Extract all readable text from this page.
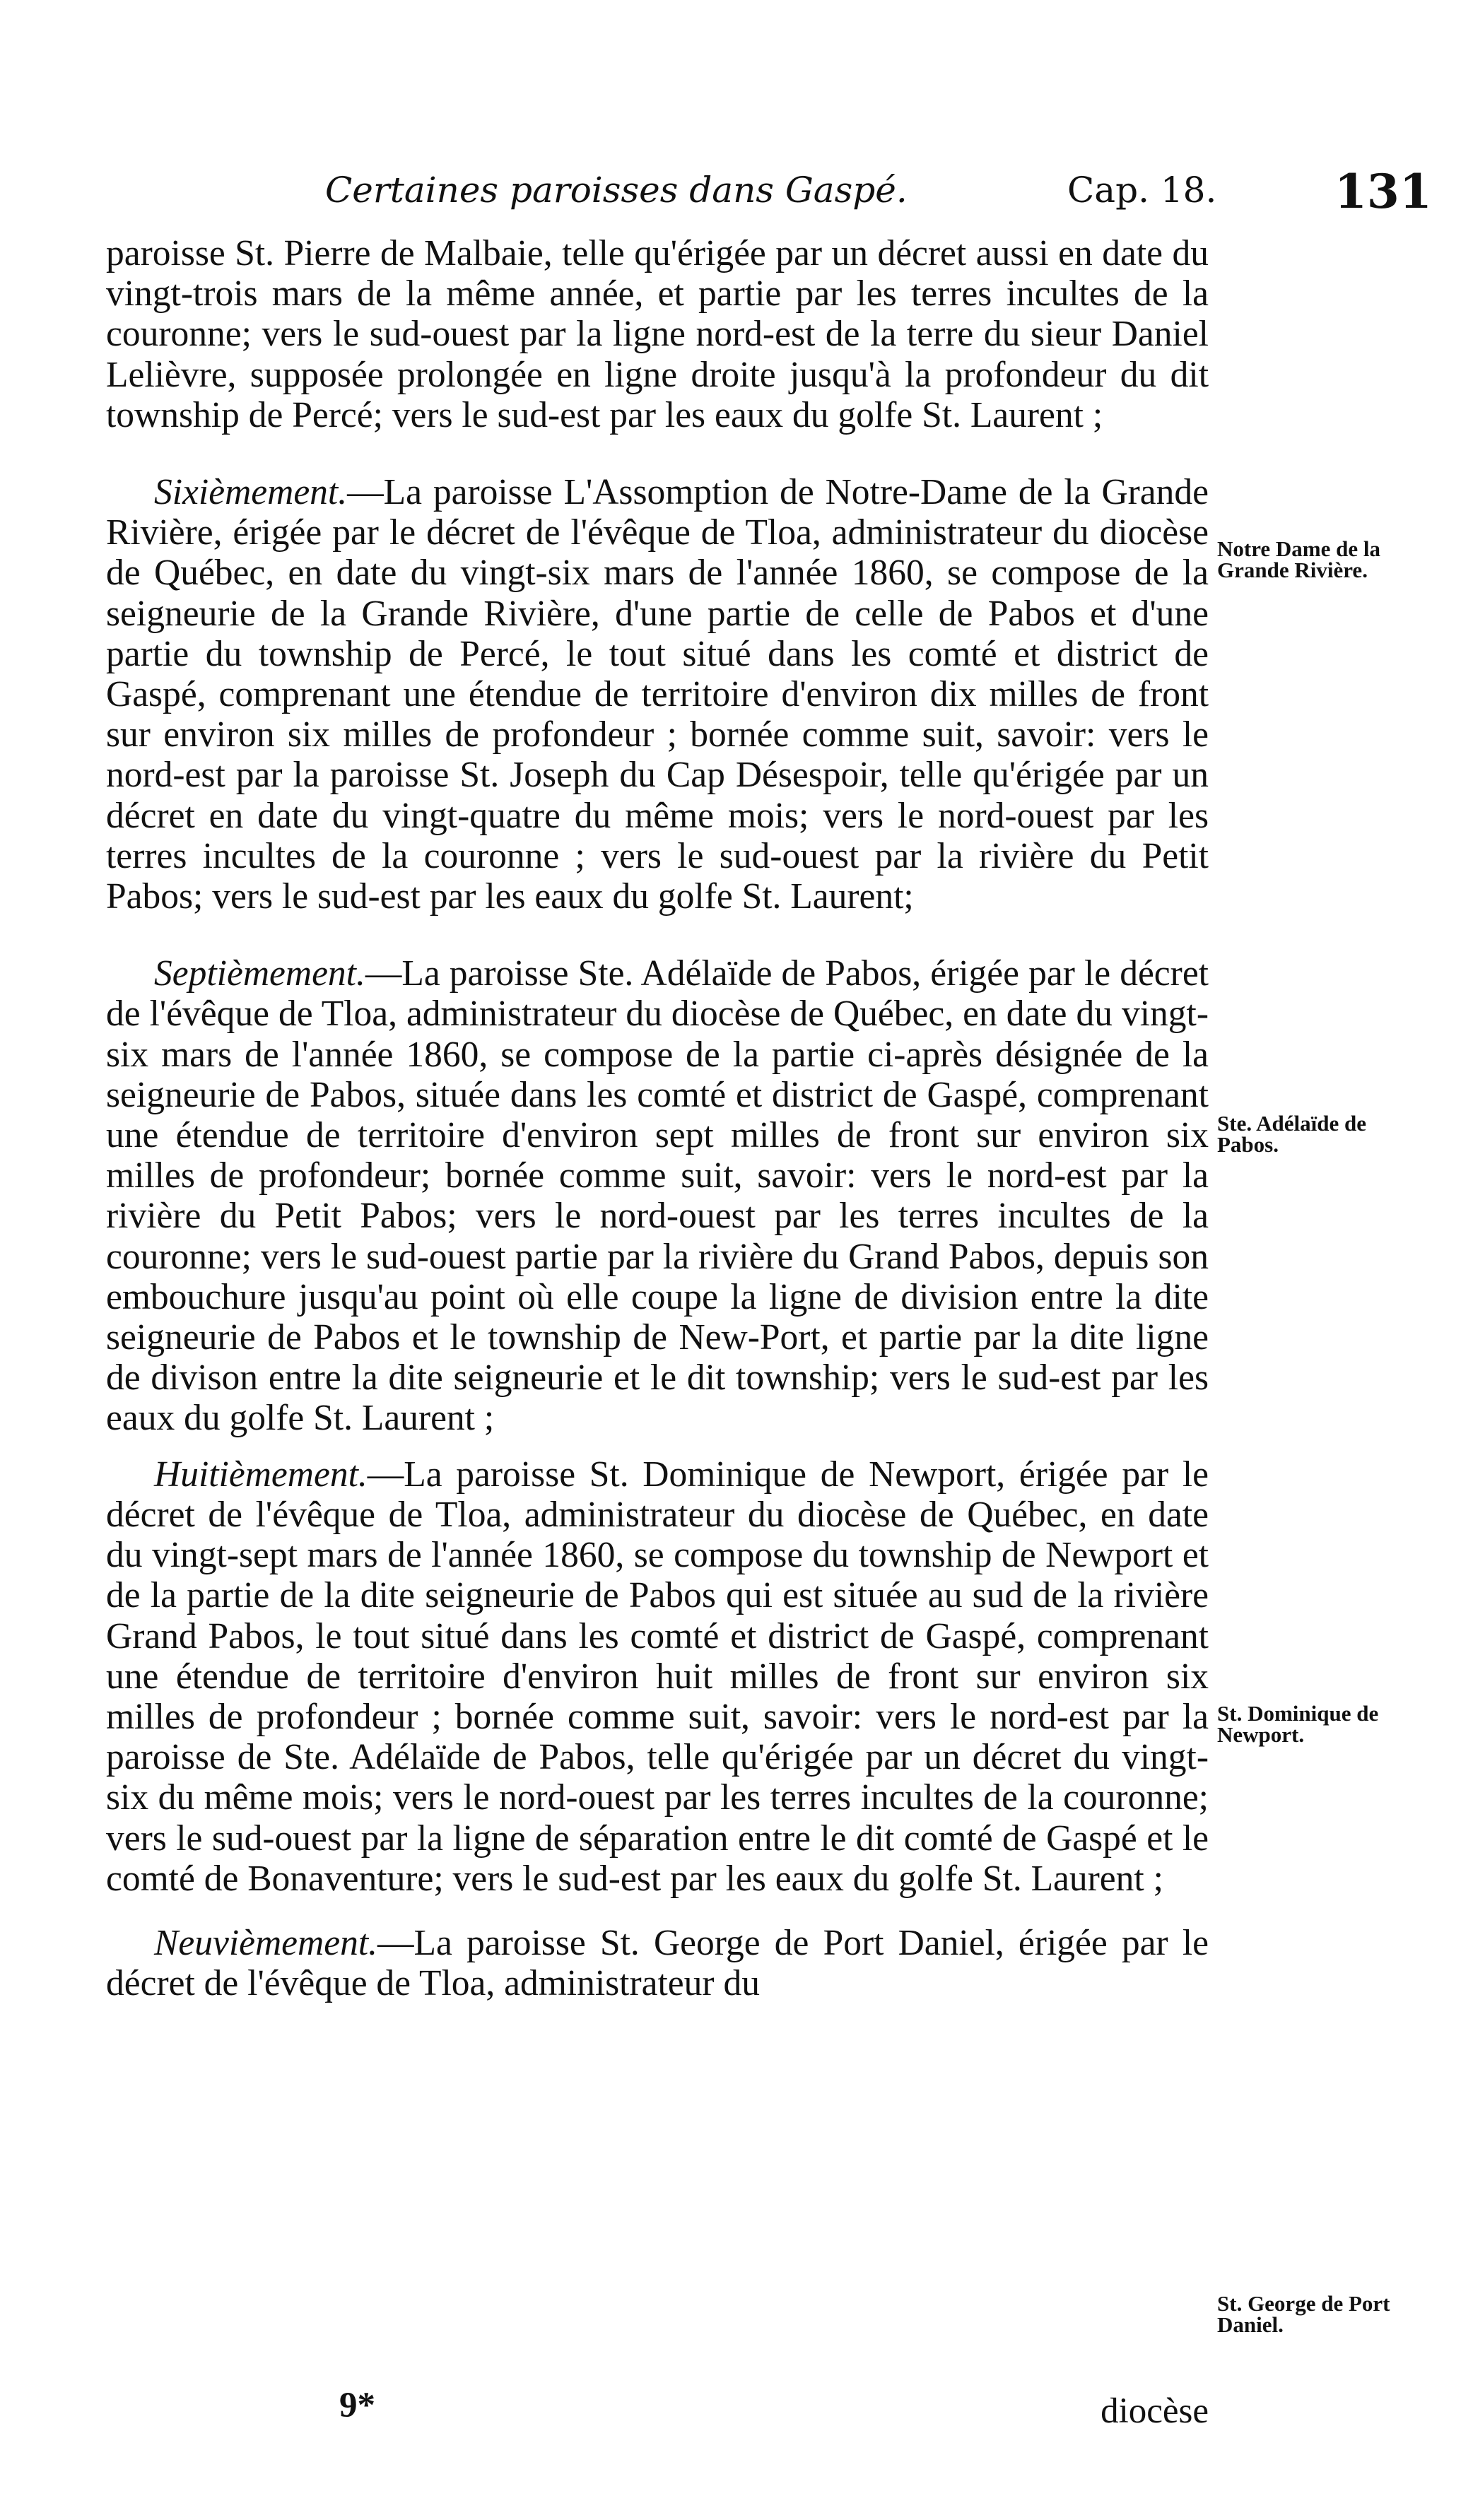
Certaines paroisses dans Gaspé.	Cap. 18.	131

paroisse St. Pierre de Malbaie, telle qu'érigée par un décret aussi en date du vingt-trois mars de la même année, et partie par les terres incultes de la couronne; vers le sud-ouest par la ligne nord-est de la terre du sieur Daniel Lelièvre, supposée prolongée en ligne droite jusqu'à la profondeur du dit township de Percé; vers le sud-est par les eaux du golfe St. Laurent ;

Sixièmement.—La paroisse L'Assomption de Notre-Dame de la Grande Rivière, érigée par le décret de l'évêque de Tloa, administrateur du diocèse de Québec, en date du vingt-six mars de l'année 1860, se compose de la seigneurie de la Grande Rivière, d'une partie de celle de Pabos et d'une partie du township de Percé, le tout situé dans les comté et district de Gaspé, comprenant une étendue de territoire d'environ dix milles de front sur environ six milles de profondeur ; bornée comme suit, savoir: vers le nord-est par la paroisse St. Joseph du Cap Désespoir, telle qu'érigée par un décret en date du vingt-quatre du même mois; vers le nord-ouest par les terres incultes de la couronne ; vers le sud-ouest par la rivière du Petit Pabos; vers le sud-est par les eaux du golfe St. Laurent;

Septièmement.—La paroisse Ste. Adélaïde de Pabos, érigée par le décret de l'évêque de Tloa, administrateur du diocèse de Québec, en date du vingt-six mars de l'année 1860, se compose de la partie ci-après désignée de la seigneurie de Pabos, située dans les comté et district de Gaspé, comprenant une étendue de territoire d'environ sept milles de front sur environ six milles de profondeur; bornée comme suit, savoir: vers le nord-est par la rivière du Petit Pabos; vers le nord-ouest par les terres incultes de la couronne; vers le sud-ouest partie par la rivière du Grand Pabos, depuis son embouchure jusqu'au point où elle coupe la ligne de division entre la dite seigneurie de Pabos et le township de New-Port, et partie par la dite ligne de divison entre la dite seigneurie et le dit township; vers le sud-est par les eaux du golfe St. Laurent ;

Huitièmement.—La paroisse St. Dominique de Newport, érigée par le décret de l'évêque de Tloa, administrateur du diocèse de Québec, en date du vingt-sept mars de l'année 1860, se compose du township de Newport et de la partie de la dite seigneurie de Pabos qui est située au sud de la rivière Grand Pabos, le tout situé dans les comté et district de Gaspé, comprenant une étendue de territoire d'environ huit milles de front sur environ six milles de profondeur ; bornée comme suit, savoir: vers le nord-est par la paroisse de Ste. Adélaïde de Pabos, telle qu'érigée par un décret du vingt-six du même mois; vers le nord-ouest par les terres incultes de la couronne; vers le sud-ouest par la ligne de séparation entre le dit comté de Gaspé et le comté de Bonaventure; vers le sud-est par les eaux du golfe St. Laurent ;

Neuvièmement.—La paroisse St. George de Port Daniel, érigée par le décret de l'évêque de Tloa, administrateur du

Notre Dame de la Grande Rivière.
Ste. Adélaïde de Pabos.
St. Dominique de Newport.
St. George de Port Daniel.
9*	diocèse
